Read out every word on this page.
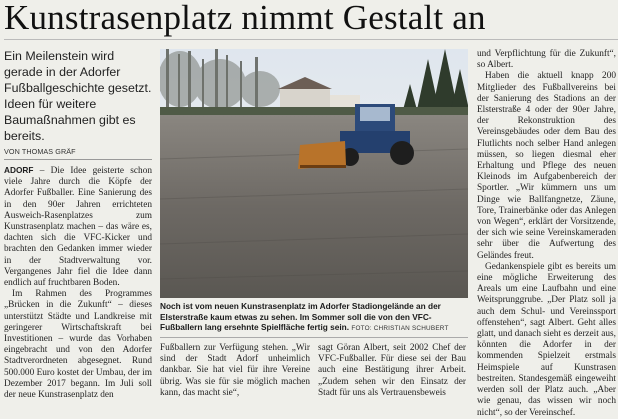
Kunstrasenplatz nimmt Gestalt an
Ein Meilenstein wird gerade in der Adorfer Fußballgeschichte gesetzt. Ideen für weitere Baumaßnahmen gibt es bereits.
VON THOMAS GRÄF

ADORF – Die Idee geisterte schon viele Jahre durch die Köpfe der Adorfer Fußballer. Eine Sanierung des in den 90er Jahren errichteten Ausweich-Rasenplatzes zum Kunstrasenplatz machen – das wäre es, dachten sich die VFC-Kicker und brachten den Gedanken immer wieder in der Stadtverwaltung vor. Vergangenes Jahr fiel die Idee dann endlich auf fruchtbaren Boden.

Im Rahmen des Programmes „Brücken in die Zukunft“ – dieses unterstützt Städte und Landkreise mit geringerer Wirtschaftskraft bei Investitionen – wurde das Vorhaben eingebracht und von den Adorfer Stadtverordneten abgesegnet. Rund 500.000 Euro kostet der Umbau, der im Dezember 2017 begann. Im Juli soll der neue Kunstrasenplatz den

Noch ist vom neuen Kunstrasenplatz im Adorfer Stadiongelände an der Elsterstraße kaum etwas zu sehen. Im Sommer soll die von den VFC-Fußballern lang ersehnte Spielfläche fertig sein. FOTO: CHRISTIAN SCHUBERT
Fußballern zur Verfügung stehen. „Wir sind der Stadt Adorf unheimlich dankbar. Sie hat viel für ihre Vereine übrig. Was sie für sie möglich machen kann, das macht sie“,
sagt Göran Albert, seit 2002 Chef der VFC-Fußballer. Für diese sei der Bau auch eine Bestätigung ihrer Arbeit. „Zudem sehen wir den Einsatz der Stadt für uns als Vertrauensbeweis

und Verpflichtung für die Zukunft“, so Albert.

Haben die aktuell knapp 200 Mitglieder des Fußballvereins bei der Sanierung des Stadions an der Elsterstraße 4 oder der 90er Jahre, der Rekonstruktion des Vereinsgebäudes oder dem Bau des Flutlichts noch selber Hand anlegen müssen, so liegen diesmal eher Erhaltung und Pflege des neuen Kleinods im Aufgabenbereich der Sportler. „Wir kümmern uns um Dinge wie Ballfangnetze, Zäune, Tore, Trainerbänke oder das Anlegen von Wegen“, erklärt der Vorsitzende, der sich wie seine Vereinskameraden sehr über die Aufwertung des Geländes freut.

Gedankenspiele gibt es bereits um eine mögliche Erweiterung des Areals um eine Laufbahn und eine Weitsprunggrube. „Der Platz soll ja auch dem Schul- und Vereinssport offenstehen“, sagt Albert. Geht alles glatt, und danach sieht es derzeit aus, könnten die Adorfer in der kommenden Spielzeit erstmals Heimspiele auf Kunstrasen bestreiten. Standesgemäß eingeweiht werden soll der Platz auch. „Aber wie genau, das wissen wir noch nicht“, so der Vereinschef.
